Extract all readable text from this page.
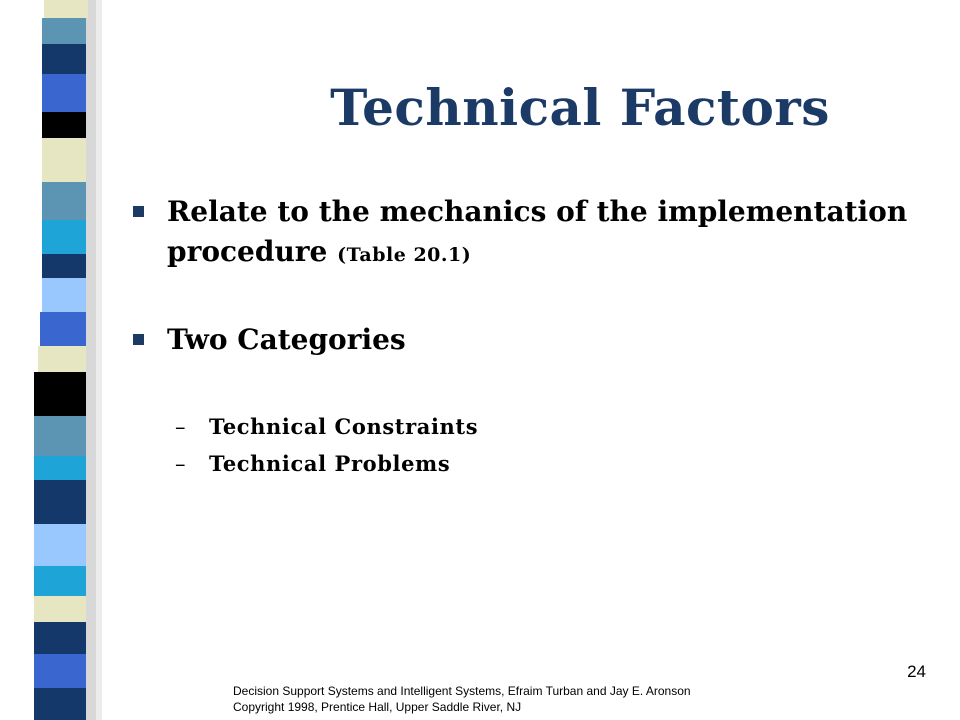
Technical Factors
Relate to the mechanics of the implementation procedure (Table 20.1)
Two Categories
– Technical Constraints
– Technical Problems
24
Decision Support Systems and Intelligent Systems, Efraim Turban and Jay E. Aronson
Copyright 1998, Prentice Hall, Upper Saddle River, NJ
